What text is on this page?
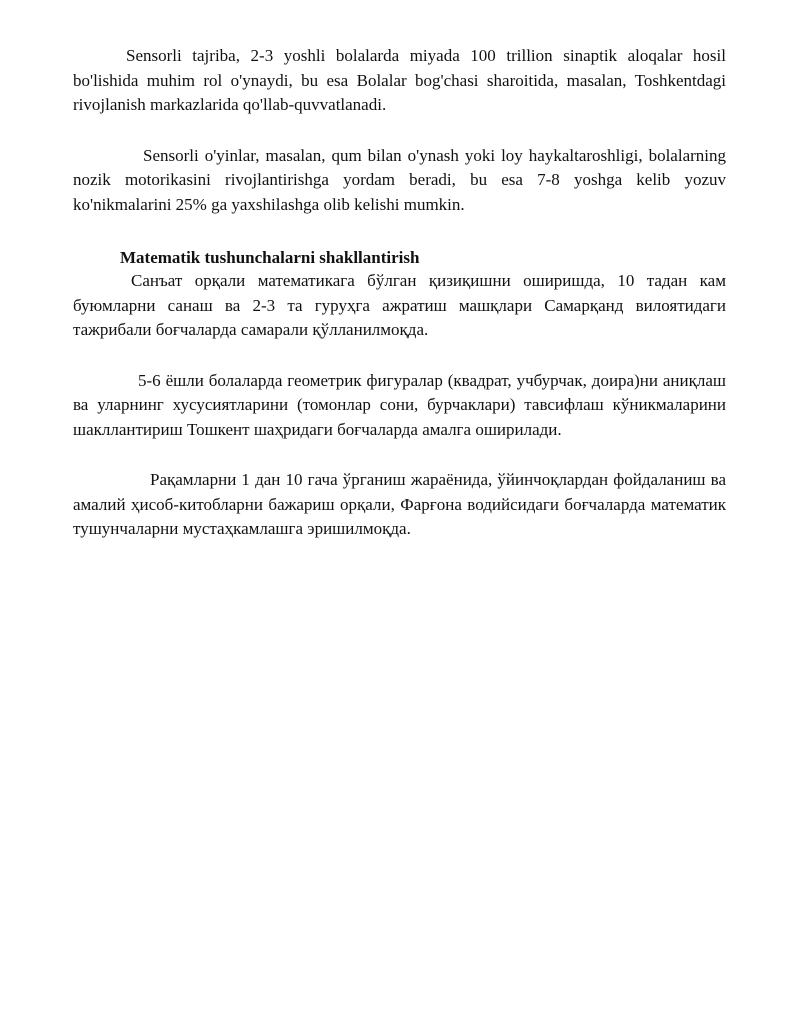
Sensorli tajriba, 2-3 yoshli bolalarda miyada 100 trillion sinaptik aloqalar hosil bo'lishida muhim rol o'ynaydi, bu esa Bolalar bog'chasi sharoitida, masalan, Toshkentdagi rivojlanish markazlarida qo'llab-quvvatlanadi.

Sensorli o'yinlar, masalan, qum bilan o'ynash yoki loy haykaltaroshligi, bolalarning nozik motorikasini rivojlantirishga yordam beradi, bu esa 7-8 yoshga kelib yozuv ko'nikmalarini 25% ga yaxshilashga olib kelishi mumkin.

Matematik tushunchalarni shakllantirish

Санъат орқали математикага бўлган қизиқишни оширишда, 10 тадан кам буюмларни санаш ва 2-3 та гуруҳга ажратиш машқлари Самарқанд вилоятидаги тажрибали боғчаларда самарали қўлланилмоқда.

5-6 ёшли болаларда геометрик фигуралар (квадрат, учбурчак, доира)ни аниқлаш ва уларнинг хусусиятларини (томонлар сони, бурчаклари) тавсифлаш кўникмаларини шакллантириш Тошкент шаҳридаги боғчаларда амалга оширилади.

Рақамларни 1 дан 10 гача ўрганиш жараёнида, ўйинчоқлардан фойдаланиш ва амалий ҳисоб-китобларни бажариш орқали, Фарғона водийсидаги боғчаларда математик тушунчаларни мустаҳкамлашга эришилмоқда.
